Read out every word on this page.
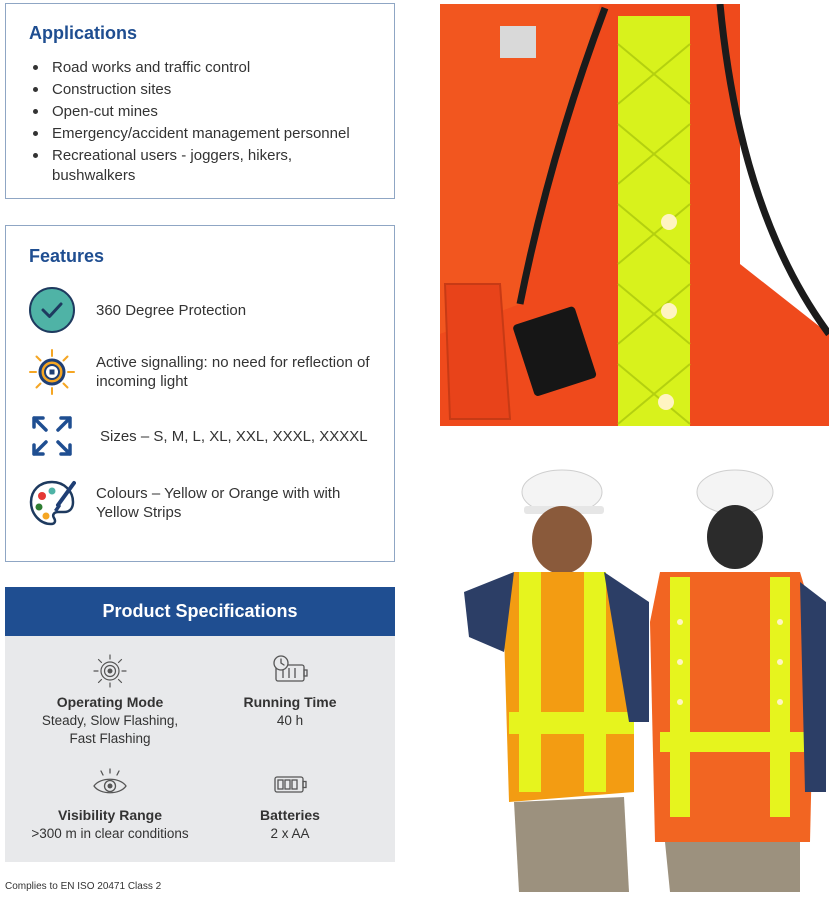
Applications
Road works and traffic control
Construction sites
Open-cut mines
Emergency/accident management personnel
Recreational users - joggers, hikers, bushwalkers
Features
360 Degree Protection
Active signalling: no need for reflection of incoming light
Sizes – S, M, L, XL, XXL, XXXL, XXXXL
Colours – Yellow or Orange with with Yellow Strips
Product Specifications
Operating Mode
Steady, Slow Flashing, Fast Flashing
Running Time
40 h
Visibility Range
>300 m in clear conditions
Batteries
2 x AA
Complies to EN ISO 20471 Class 2
